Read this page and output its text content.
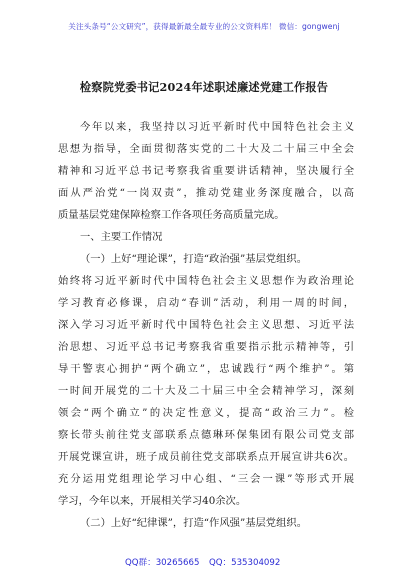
关注头条号“公文研究”，获得最新最全最专业的公文资料库！ 微信：gongwenj
检察院党委书记2024年述职述廉述党建工作报告
今年以来，我坚持以习近平新时代中国特色社会主义
思想为指导，全面贯彻落实党的二十大及二十届三中全会
精神和习近平总书记考察我省重要讲话精神，坚决履行全
面从严治党“一岗双责”，推动党建业务深度融合，以高
质量基层党建保障检察工作各项任务高质量完成。
一、主要工作情况
（一）上好“理论课”，打造“政治强”基层党组织。
始终将习近平新时代中国特色社会主义思想作为政治理论
学习教育必修课，启动“春训”活动，利用一周的时间，
深入学习习近平新时代中国特色社会主义思想、习近平法
治思想、习近平总书记考察我省重要指示批示精神等，引
导干警衷心拥护“两个确立”，忠诚践行“两个维护”。第
一时间开展党的二十大及二十届三中全会精神学习，深刻
领会“两个确立”的决定性意义，提高“政治三力”。检
察长带头前往党支部联系点德琳环保集团有限公司党支部
开展党课宣讲，班子成员前往党支部联系点开展宣讲共6次。
充分运用党组理论学习中心组、“三会一课”等形式开展
学习，今年以来，开展相关学习40余次。
（二）上好“纪律课”，打造“作风强”基层党组织。
QQ群：30265665 QQ：535304092
